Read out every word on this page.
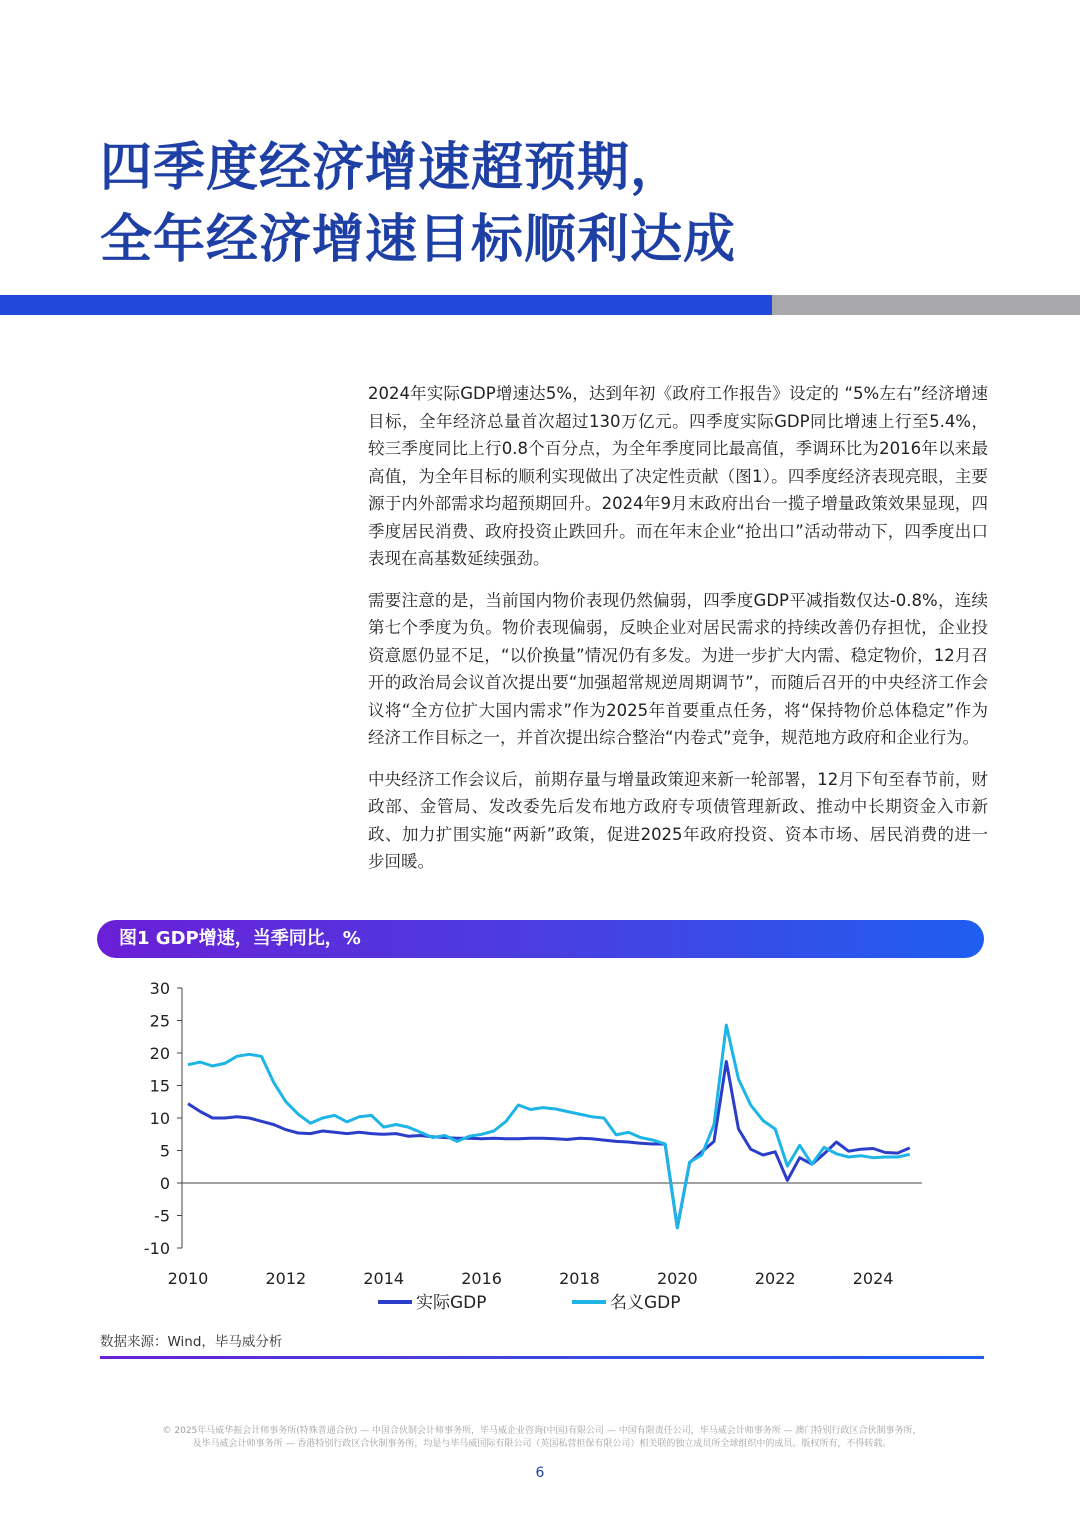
四季度经济增速超预期，
全年经济增速目标顺利达成

2024年实际GDP增速达5%，达到年初《政府工作报告》设定的 “5%左右”经济增速目标，全年经济总量首次超过130万亿元。四季度实际GDP同比增速上行至5.4%，较三季度同比上行0.8个百分点，为全年季度同比最高值，季调环比为2016年以来最高值，为全年目标的顺利实现做出了决定性贡献（图1）。四季度经济表现亮眼，主要源于内外部需求均超预期回升。2024年9月末政府出台一揽子增量政策效果显现，四季度居民消费、政府投资止跌回升。而在年末企业“抢出口”活动带动下，四季度出口表现在高基数延续强劲。

需要注意的是，当前国内物价表现仍然偏弱，四季度GDP平减指数仅达-0.8%，连续第七个季度为负。物价表现偏弱，反映企业对居民需求的持续改善仍存担忧，企业投资意愿仍显不足，“以价换量”情况仍有多发。为进一步扩大内需、稳定物价，12月召开的政治局会议首次提出要“加强超常规逆周期调节”，而随后召开的中央经济工作会议将“全方位扩大国内需求”作为2025年首要重点任务，将“保持物价总体稳定”作为经济工作目标之一，并首次提出综合整治“内卷式”竞争，规范地方政府和企业行为。

中央经济工作会议后，前期存量与增量政策迎来新一轮部署，12月下旬至春节前，财政部、金管局、发改委先后发布地方政府专项债管理新政、推动中长期资金入市新政、加力扩围实施“两新”政策，促进2025年政府投资、资本市场、居民消费的进一步回暖。

图1 GDP增速，当季同比，%
30
25
20
15
10
5
0
-5
-10
2010	2012	2014	2016	2018	2020	2022	2024
实际GDP	名义GDP
数据来源：Wind，毕马威分析
© 2025年马威华振会计师事务所(特殊普通合伙) — 中国合伙制会计师事务所，毕马威企业咨询(中国)有限公司 — 中国有限责任公司，毕马威会计师事务所 — 澳门特别行政区合伙制事务所，
及毕马威会计师事务所 — 香港特别行政区合伙制事务所，均是与毕马威国际有限公司（英国私营担保有限公司）相关联的独立成员所全球组织中的成员。版权所有，不得转载。
6
